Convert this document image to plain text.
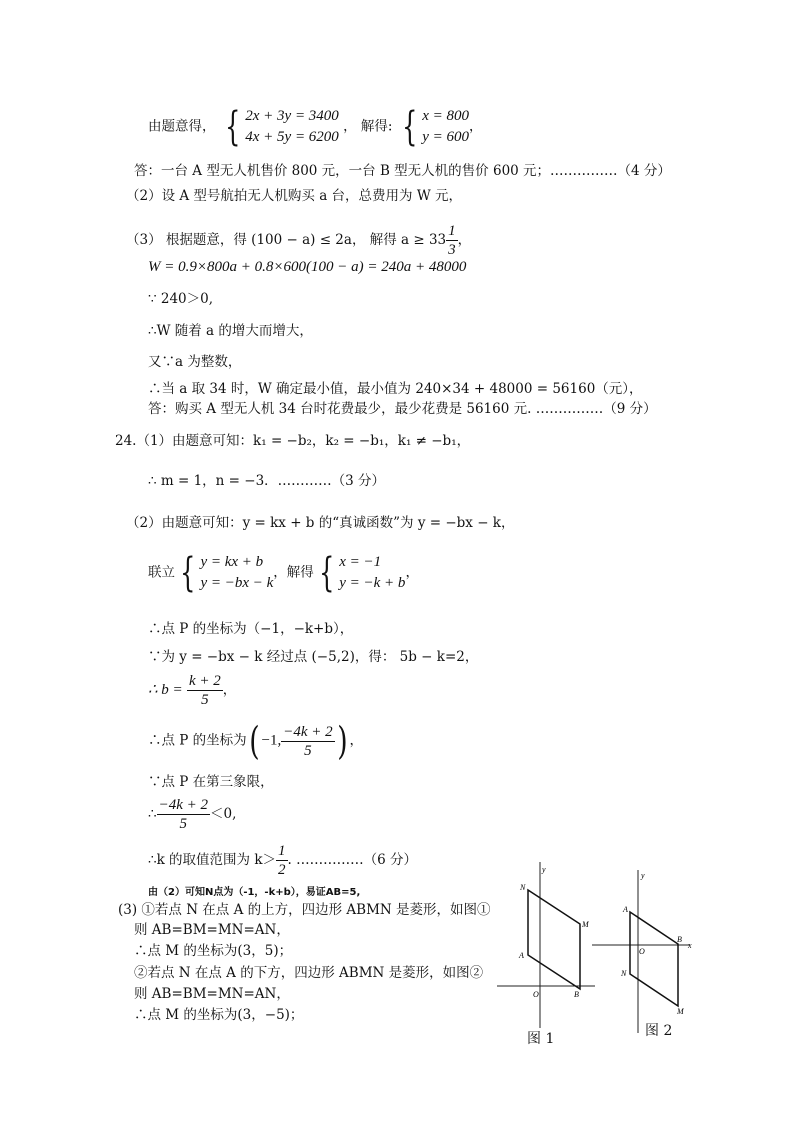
由题意得， { 2x + 3y = 3400
4x + 5y = 6200
， 解得: { x = 800
y = 600
，
答：一台 A 型无人机售价 800 元，一台 B 型无人机的售价 600 元；……………（4 分）
（2）设 A 型号航拍无人机购买 a 台，总费用为 W 元，
（3） 根据题意，得 (100 − a) ≤ 2a， 解得 $a \ge 33 \frac{1}{3}$ ，
W = 0.9×800a + 0.8×600(100 − a) = 240a + 48000
∵ 240＞0,
∴W 随着 a 的增大而增大，
又∵a 为整数，
∴当 a 取 34 时，W 确定最小值，最小值为 240×34 + 48000 = 56160（元），
答：购买 A 型无人机 34 台时花费最少，最少花费是 56160 元. ……………（9 分）
24.（1）由题意可知：k₁ = −b₂，k₂ = −b₁，k₁ ≠ −b₁，
∴ m = 1，n = −3．…………（3 分）
（2）由题意可知：y = kx + b 的“真诚函数”为 y = −bx − k，
联立 { y = kx + b
y = −bx − k
，解得 { x = −1
y = −k + b
，
∴点 P 的坐标为（−1，−k+b），
∵为 y = −bx − k 经过点 (−5,2)，得： 5b − k=2，
∴ $b = \frac{k + 2}{5}$ ，
∴点 P 的坐标为( −1, $\frac{-4k + 2}{5}$ ) ，
∵点 P 在第三象限，
∴ $\frac{-4k + 2}{5} <0$,
∴k 的取值范围为 $k> \frac{1}{2}$ . ……………（6 分）
由（2）可知N点为（-1，-k+b），易证AB=5,
(3) ①若点 N 在点 A 的上方，四边形 ABMN 是菱形，如图①
则 AB=BM=MN=AN，
∴点 M 的坐标为(3，5)；
②若点 N 在点 A 的下方，四边形 ABMN 是菱形，如图②
则 AB=BM=MN=AN，
∴点 M 的坐标为(3，−5)；
y
N
M
A
O	B
图 1
y
A
B
x
O
N
M
图 2
